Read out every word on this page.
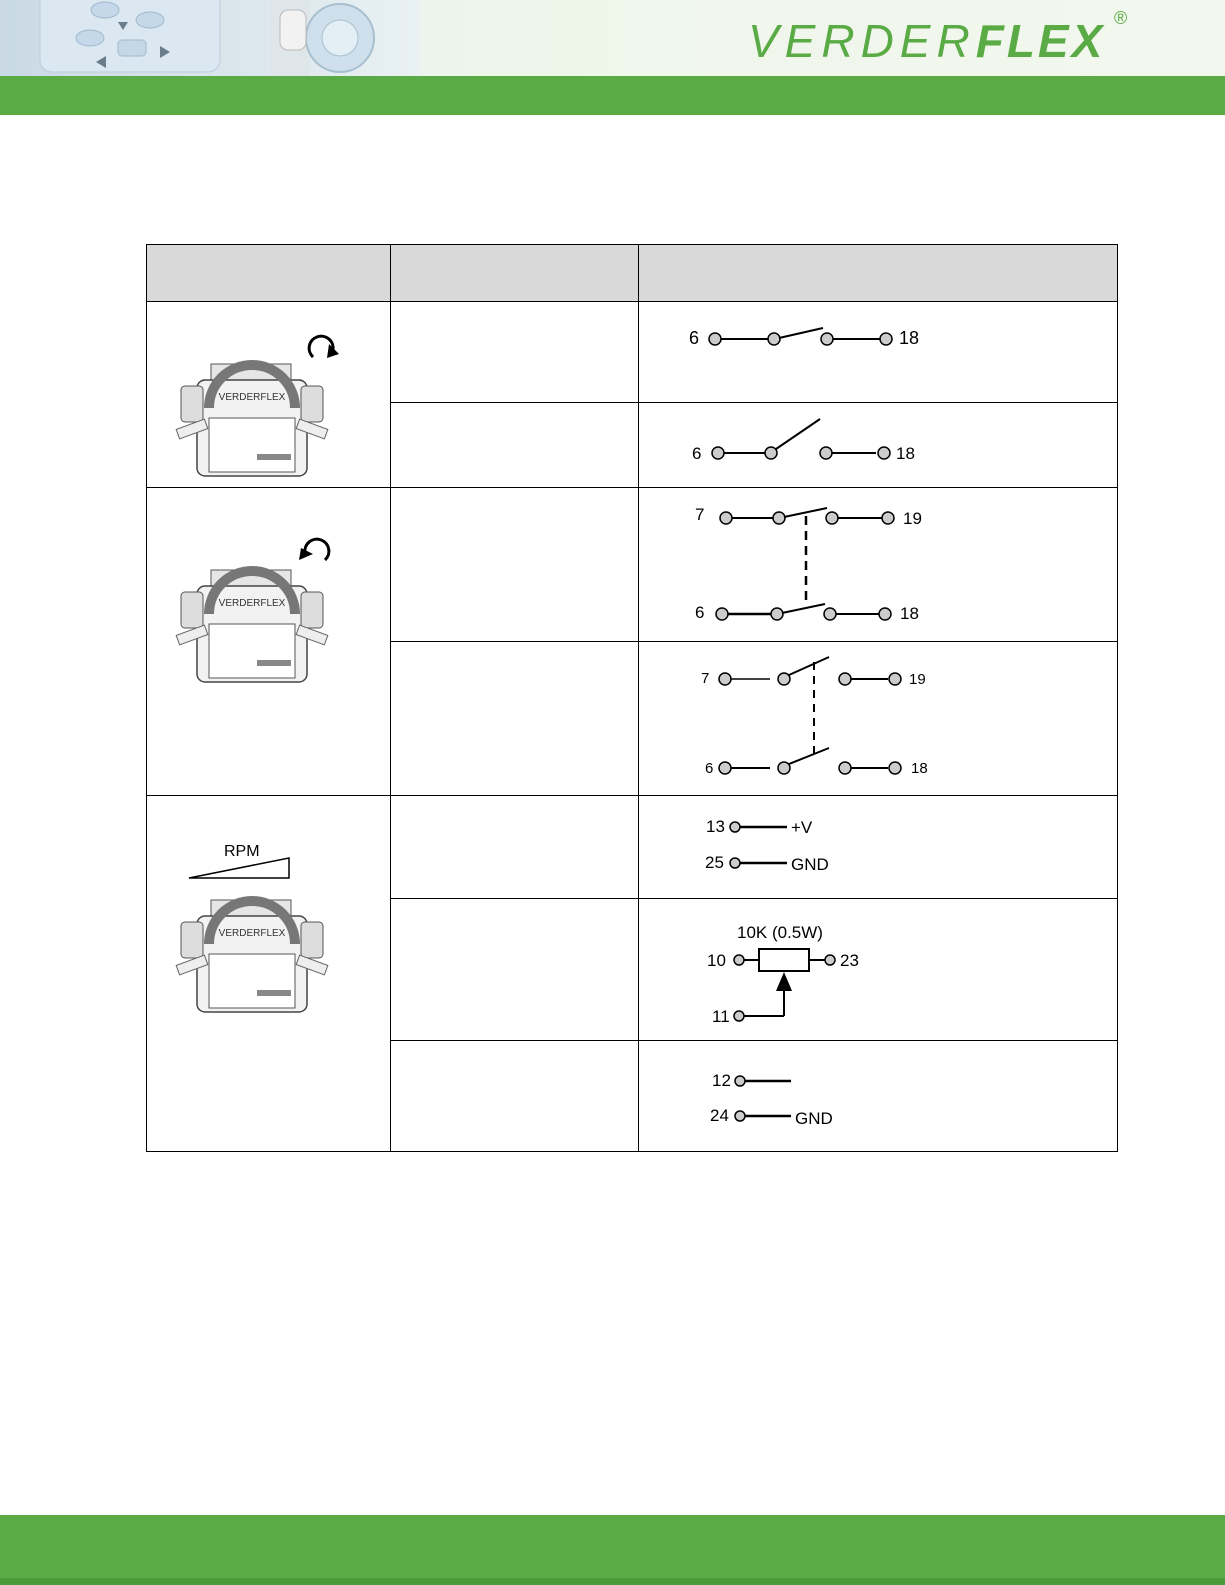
VERDERFLEX ®

VERDERFLEX		6 18

6 18

VERDERFLEX		7 19
6 18

7 19
6 18

RPM
VERDERFLEX		13 +V
25 GND

10K (0.5W)
10 23
11

12
24 GND
